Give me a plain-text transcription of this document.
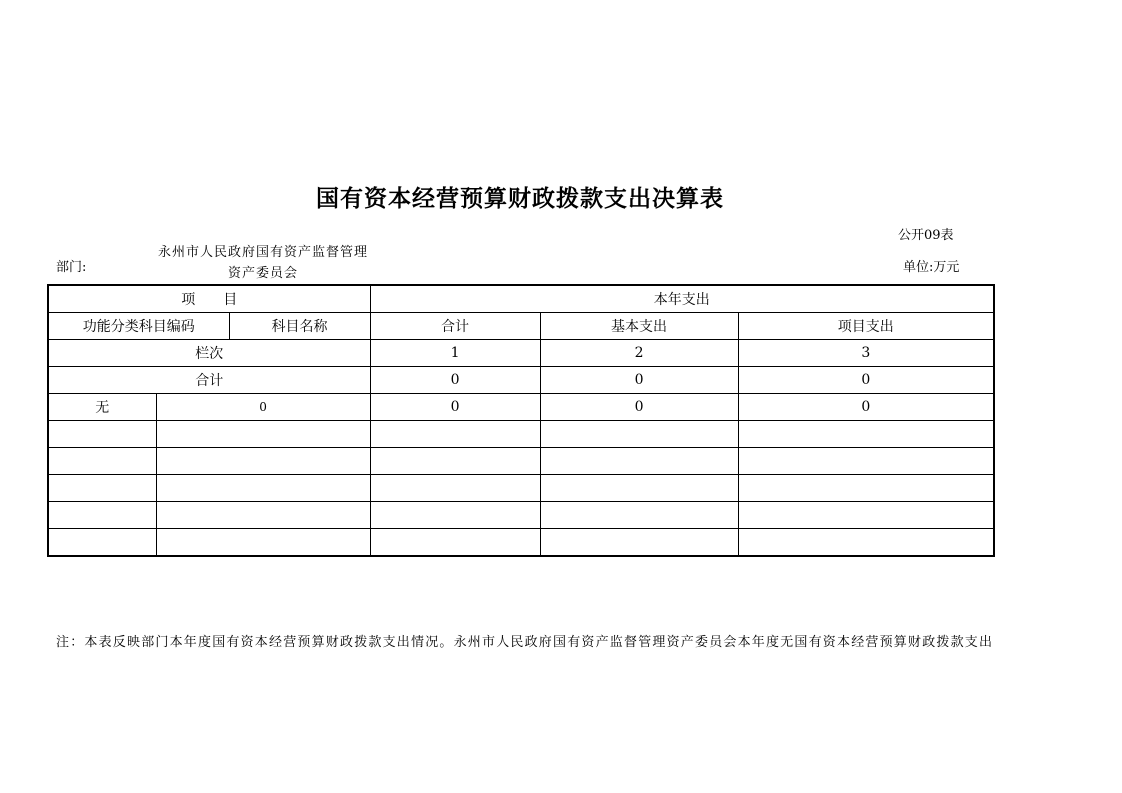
国有资本经营预算财政拨款支出决算表
公开09表
部门:
永州市人民政府国有资产监督管理资产委员会	单位:万元
项　　目			本年支出		
功能分类科目编码		科目名称	合计	基本支出	项目支出
栏次			1	2	3
合计			0	0	0
无	0		0	0	0

注：本表反映部门本年度国有资本经营预算财政拨款支出情况。永州市人民政府国有资产监督管理资产委员会本年度无国有资本经营预算财政拨款支出
